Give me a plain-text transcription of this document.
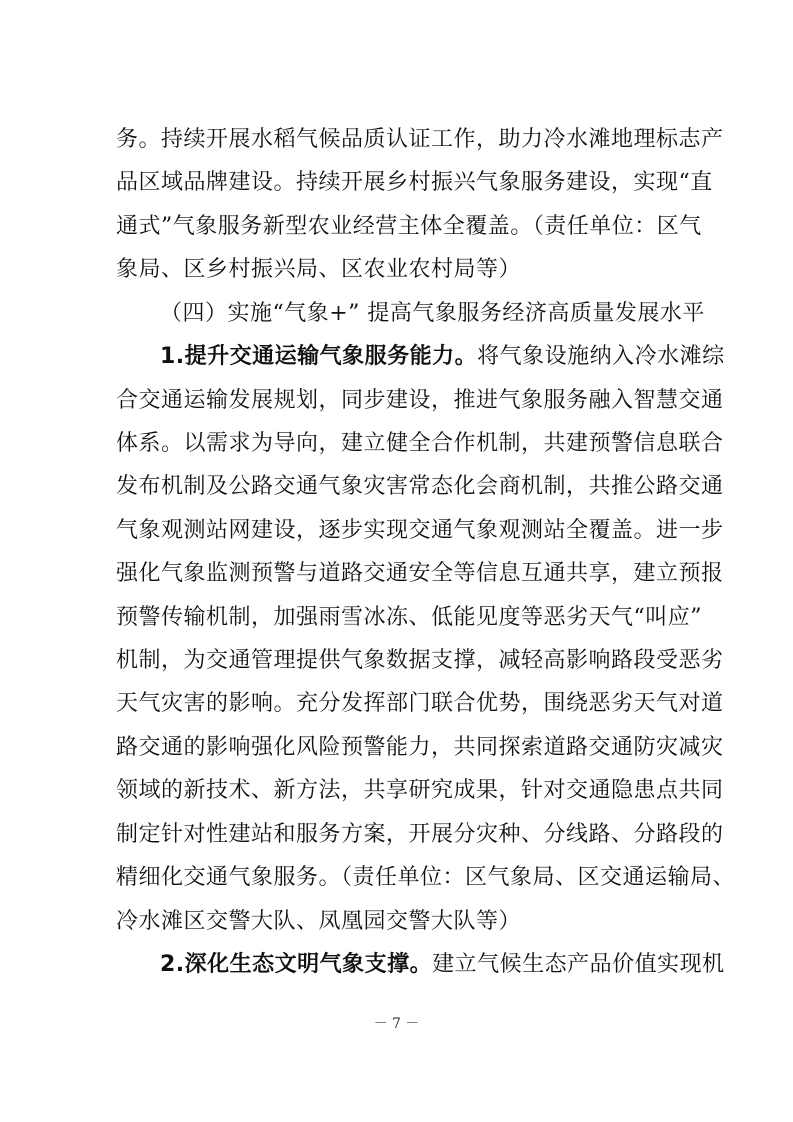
务。持续开展水稻气候品质认证工作，助力冷水滩地理标志产
品区域品牌建设。持续开展乡村振兴气象服务建设，实现“直
通式”气象服务新型农业经营主体全覆盖。（责任单位：区气
象局、区乡村振兴局、区农业农村局等）
（四）实施“气象+” 提高气象服务经济高质量发展水平
1.提升交通运输气象服务能力。将气象设施纳入冷水滩综
合交通运输发展规划，同步建设，推进气象服务融入智慧交通
体系。以需求为导向，建立健全合作机制，共建预警信息联合
发布机制及公路交通气象灾害常态化会商机制，共推公路交通
气象观测站网建设，逐步实现交通气象观测站全覆盖。进一步
强化气象监测预警与道路交通安全等信息互通共享，建立预报
预警传输机制，加强雨雪冰冻、低能见度等恶劣天气“叫应”
机制，为交通管理提供气象数据支撑，减轻高影响路段受恶劣
天气灾害的影响。充分发挥部门联合优势，围绕恶劣天气对道
路交通的影响强化风险预警能力，共同探索道路交通防灾减灾
领域的新技术、新方法，共享研究成果，针对交通隐患点共同
制定针对性建站和服务方案，开展分灾种、分线路、分路段的
精细化交通气象服务。（责任单位：区气象局、区交通运输局、
冷水滩区交警大队、凤凰园交警大队等）
2.深化生态文明气象支撑。建立气候生态产品价值实现机
－ 7 －
